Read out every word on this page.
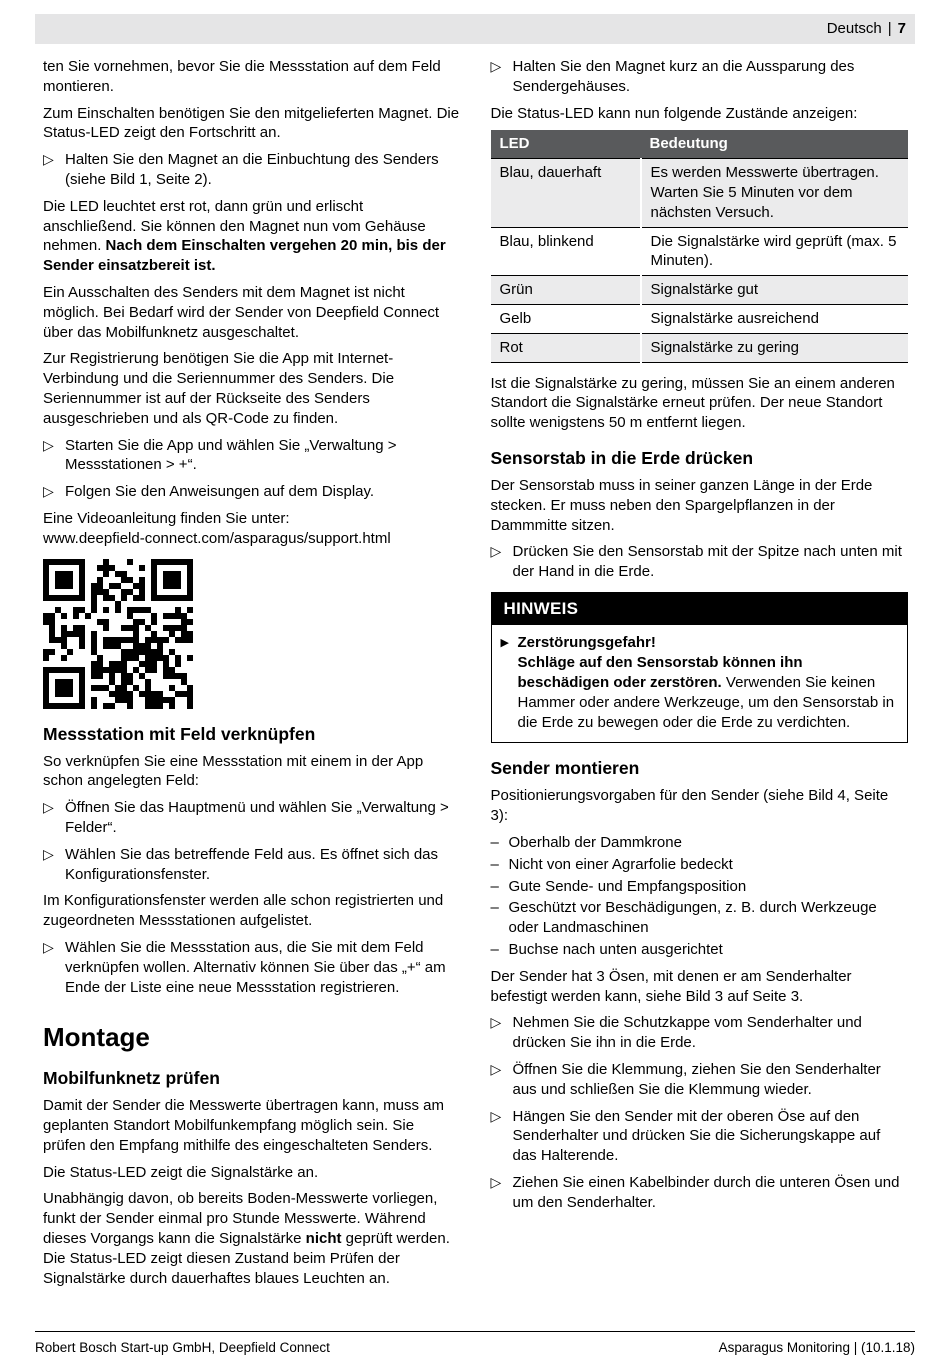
Deutsch | 7

ten Sie vornehmen, bevor Sie die Messstation auf dem Feld montieren.

Zum Einschalten benötigen Sie den mitgelieferten Magnet. Die Status-LED zeigt den Fortschritt an.

▷ Halten Sie den Magnet an die Einbuchtung des Senders (siehe Bild 1, Seite 2).

Die LED leuchtet erst rot, dann grün und erlischt anschließend. Sie können den Magnet nun vom Gehäuse nehmen. Nach dem Einschalten vergehen 20 min, bis der Sender einsatzbereit ist.

Ein Ausschalten des Senders mit dem Magnet ist nicht möglich. Bei Bedarf wird der Sender von Deepfield Connect über das Mobilfunknetz ausgeschaltet.

Zur Registrierung benötigen Sie die App mit Internet-Verbindung und die Seriennummer des Senders. Die Seriennummer ist auf der Rückseite des Senders ausgeschrieben und als QR-Code zu finden.

▷ Starten Sie die App und wählen Sie „Verwaltung > Messstationen > +“.
▷ Folgen Sie den Anweisungen auf dem Display.

Eine Videoanleitung finden Sie unter:
www.deepfield-connect.com/asparagus/support.html

Messstation mit Feld verknüpfen

So verknüpfen Sie eine Messstation mit einem in der App schon angelegten Feld:

▷ Öffnen Sie das Hauptmenü und wählen Sie „Verwaltung > Felder“.
▷ Wählen Sie das betreffende Feld aus. Es öffnet sich das Konfigurationsfenster.

Im Konfigurationsfenster werden alle schon registrierten und zugeordneten Messstationen aufgelistet.

▷ Wählen Sie die Messstation aus, die Sie mit dem Feld verknüpfen wollen. Alternativ können Sie über das „+“ am Ende der Liste eine neue Messstation registrieren.
Montage
Mobilfunknetz prüfen

Damit der Sender die Messwerte übertragen kann, muss am geplanten Standort Mobilfunkempfang möglich sein. Sie prüfen den Empfang mithilfe des eingeschalteten Senders.

Die Status-LED zeigt die Signalstärke an.

Unabhängig davon, ob bereits Boden-Messwerte vorliegen, funkt der Sender einmal pro Stunde Messwerte. Während dieses Vorgangs kann die Signalstärke nicht geprüft werden. Die Status-LED zeigt diesen Zustand beim Prüfen der Signalstärke durch dauerhaftes blaues Leuchten an.

▷ Halten Sie den Magnet kurz an die Aussparung des Sendergehäuses.

Die Status-LED kann nun folgende Zustände anzeigen:

LED	Bedeutung
Blau, dauerhaft	Es werden Messwerte übertragen. Warten Sie 5 Minuten vor dem nächsten Versuch.
Blau, blinkend	Die Signalstärke wird geprüft (max. 5 Minuten).
Grün	Signalstärke gut
Gelb	Signalstärke ausreichend
Rot	Signalstärke zu gering

Ist die Signalstärke zu gering, müssen Sie an einem anderen Standort die Signalstärke erneut prüfen. Der neue Standort sollte wenigstens 50 m entfernt liegen.

Sensorstab in die Erde drücken

Der Sensorstab muss in seiner ganzen Länge in der Erde stecken. Er muss neben den Spargelpflanzen in der Dammmitte sitzen.

▷ Drücken Sie den Sensorstab mit der Spitze nach unten mit der Hand in die Erde.
HINWEIS
▶ Zerstörungsgefahr!
Schläge auf den Sensorstab können ihn beschädigen oder zerstören. Verwenden Sie keinen Hammer oder andere Werkzeuge, um den Sensorstab in die Erde zu bewegen oder die Erde zu verdichten.
Sender montieren

Positionierungsvorgaben für den Sender (siehe Bild 4, Seite 3):

– Oberhalb der Dammkrone
– Nicht von einer Agrarfolie bedeckt
– Gute Sende- und Empfangsposition
– Geschützt vor Beschädigungen, z. B. durch Werkzeuge oder Landmaschinen
– Buchse nach unten ausgerichtet

Der Sender hat 3 Ösen, mit denen er am Senderhalter befestigt werden kann, siehe Bild 3 auf Seite 3.

▷ Nehmen Sie die Schutzkappe vom Senderhalter und drücken Sie ihn in die Erde.
▷ Öffnen Sie die Klemmung, ziehen Sie den Senderhalter aus und schließen Sie die Klemmung wieder.
▷ Hängen Sie den Sender mit der oberen Öse auf den Senderhalter und drücken Sie die Sicherungskappe auf das Halterende.
▷ Ziehen Sie einen Kabelbinder durch die unteren Ösen und um den Senderhalter.
Robert Bosch Start-up GmbH, Deepfield Connect	Asparagus Monitoring | (10.1.18)
